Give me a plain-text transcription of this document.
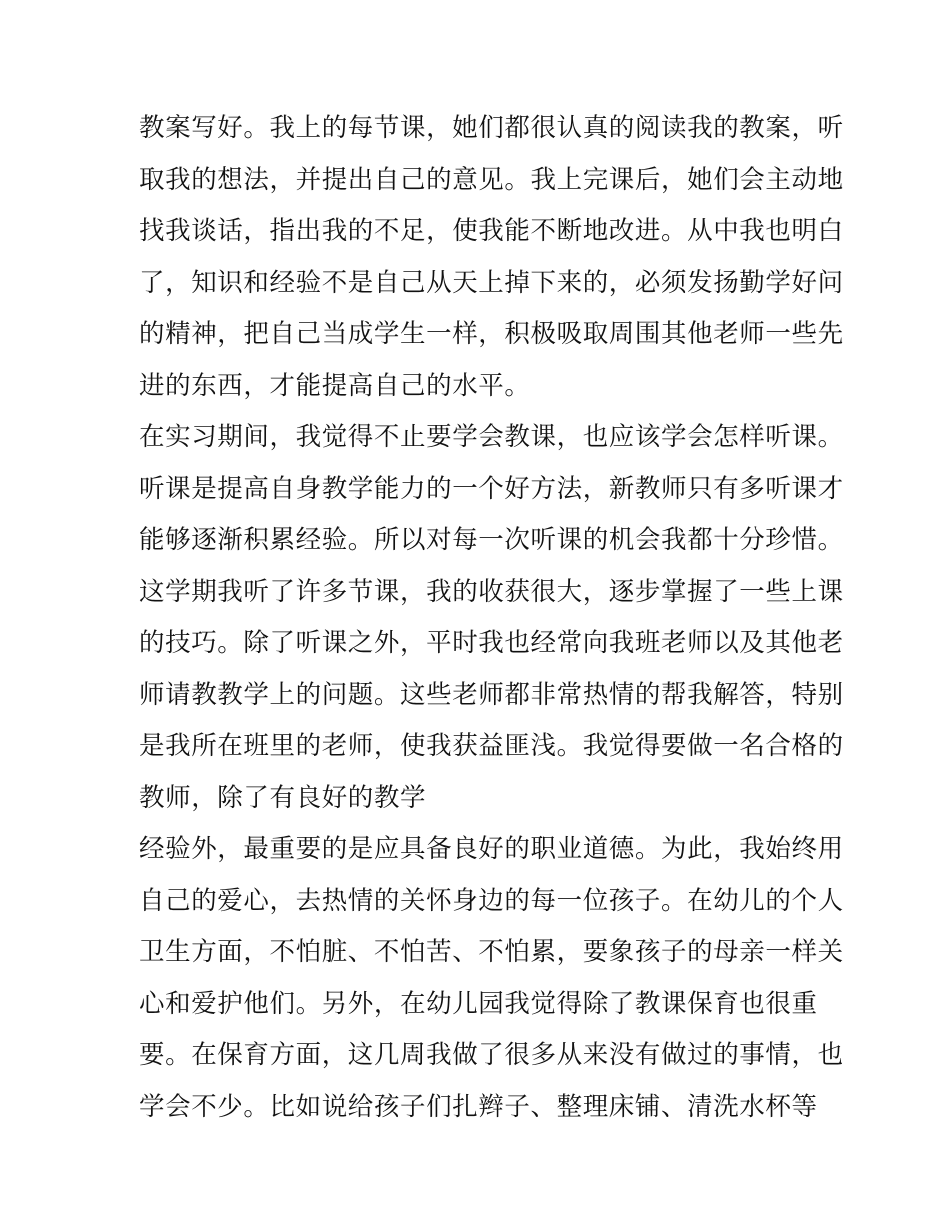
教案写好。我上的每节课，她们都很认真的阅读我的教案，听
取我的想法，并提出自己的意见。我上完课后，她们会主动地
找我谈话，指出我的不足，使我能不断地改进。从中我也明白
了，知识和经验不是自己从天上掉下来的，必须发扬勤学好问
的精神，把自己当成学生一样，积极吸取周围其他老师一些先
进的东西，才能提高自己的水平。
在实习期间，我觉得不止要学会教课，也应该学会怎样听课。
听课是提高自身教学能力的一个好方法，新教师只有多听课才
能够逐渐积累经验。所以对每一次听课的机会我都十分珍惜。
这学期我听了许多节课，我的收获很大，逐步掌握了一些上课
的技巧。除了听课之外，平时我也经常向我班老师以及其他老
师请教教学上的问题。这些老师都非常热情的帮我解答，特别
是我所在班里的老师，使我获益匪浅。我觉得要做一名合格的
教师，除了有良好的教学
经验外，最重要的是应具备良好的职业道德。为此，我始终用
自己的爱心，去热情的关怀身边的每一位孩子。在幼儿的个人
卫生方面，不怕脏、不怕苦、不怕累，要象孩子的母亲一样关
心和爱护他们。另外，在幼儿园我觉得除了教课保育也很重
要。在保育方面，这几周我做了很多从来没有做过的事情，也
学会不少。比如说给孩子们扎辫子、整理床铺、清洗水杯等
